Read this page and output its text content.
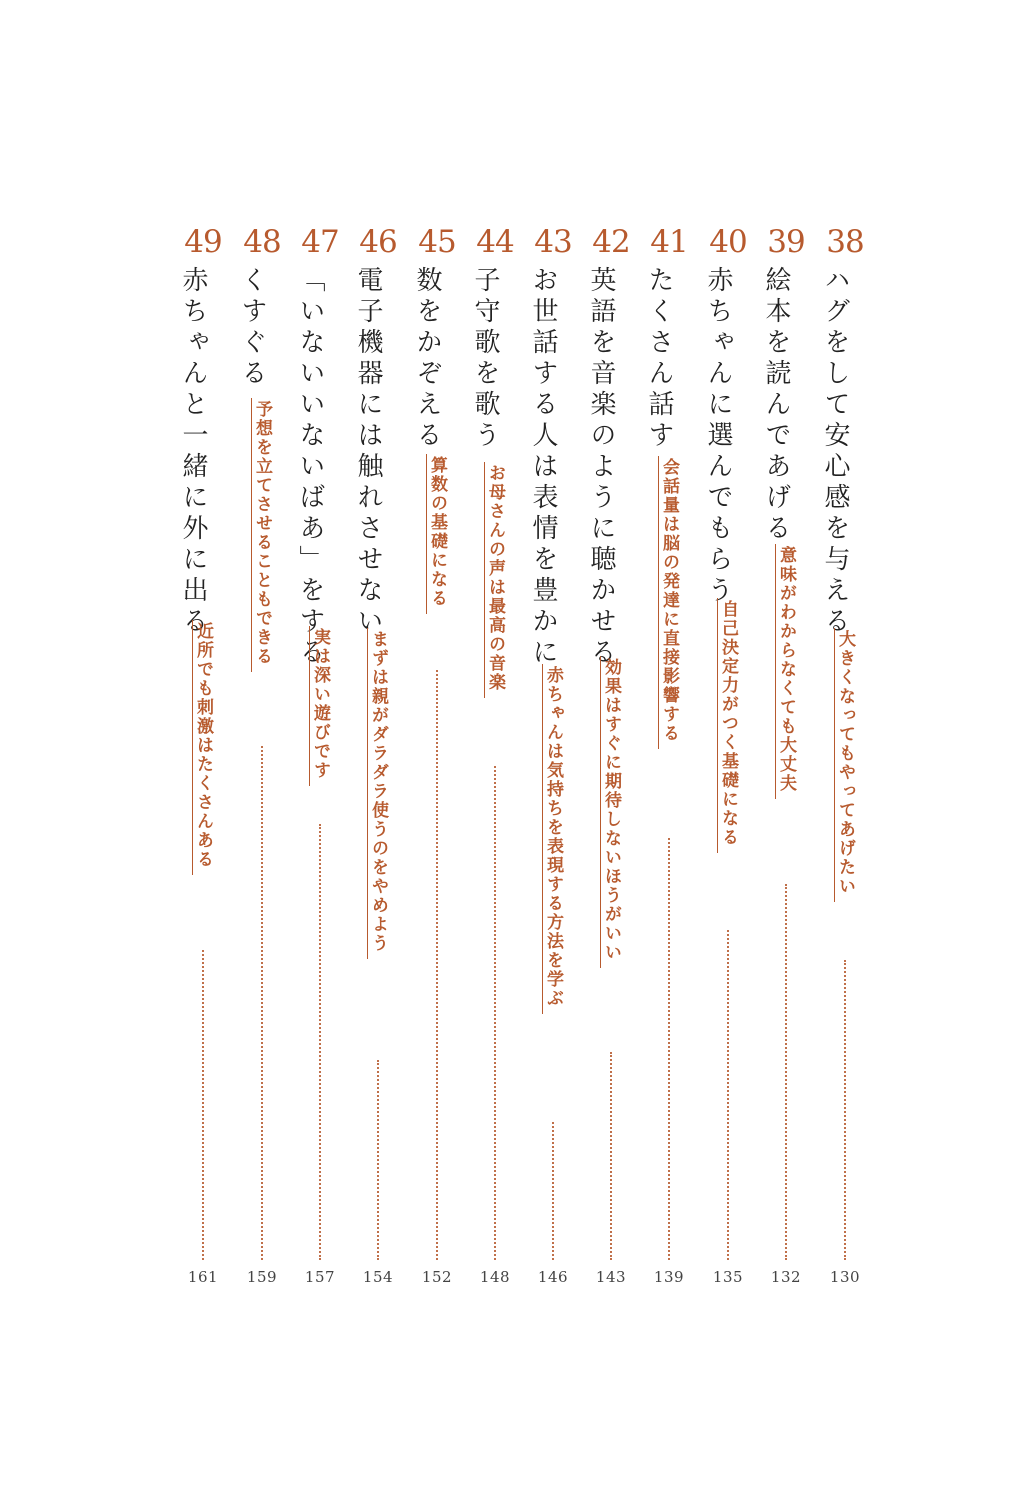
38
ハグをして安心感を与える
大きくなってもやってあげたい
130
39
絵本を読んであげる
意味がわからなくても大丈夫
132
40
赤ちゃんに選んでもらう
自己決定力がつく基礎になる
135
41
たくさん話す
会話量は脳の発達に直接影響する
139
42
英語を音楽のように聴かせる
効果はすぐに期待しないほうがいい
143
43
お世話する人は表情を豊かに
赤ちゃんは気持ちを表現する方法を学ぶ
146
44
子守歌を歌う
お母さんの声は最高の音楽
148
45
数をかぞえる
算数の基礎になる
152
46
電子機器には触れさせない
まずは親がダラダラ使うのをやめよう
154
47
「いないいないばあ」をする
実は深い遊びです
157
48
くすぐる
予想を立てさせることもできる
159
49
赤ちゃんと一緒に外に出る
近所でも刺激はたくさんある
161
